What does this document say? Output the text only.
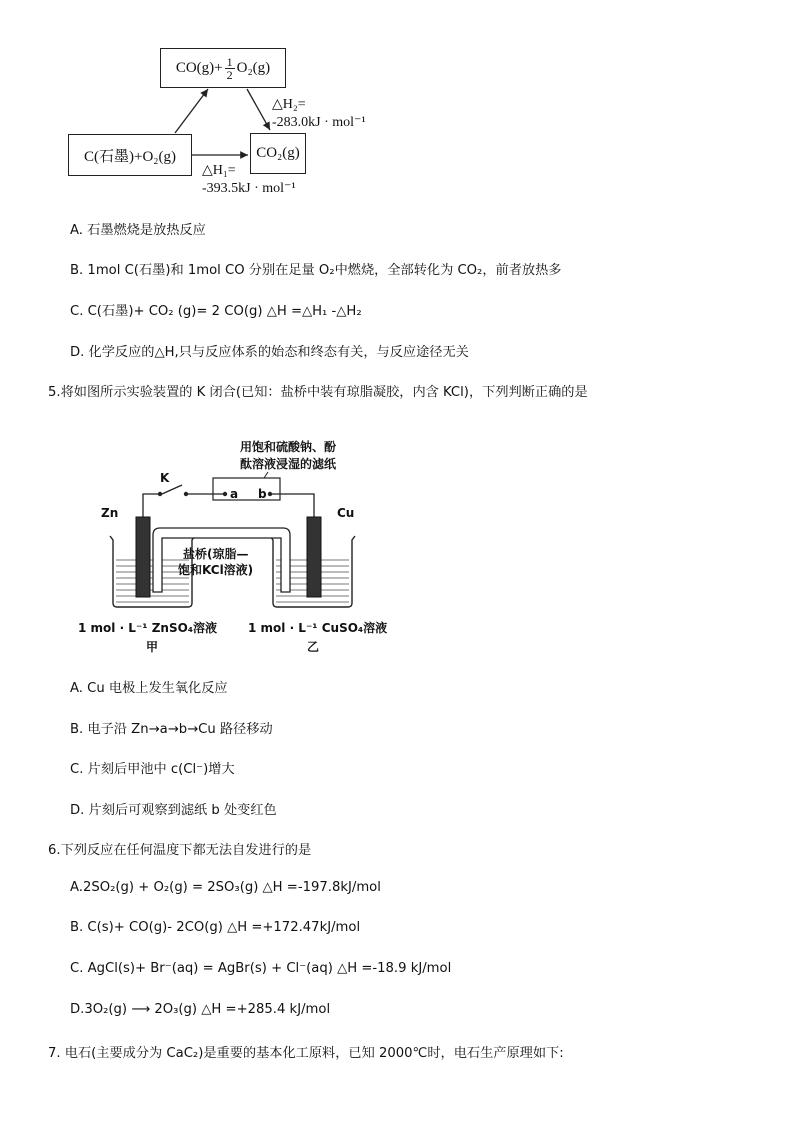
$CO(g)+ \frac{1}{2} O_2(g)$
C(石墨)+O₂(g)	CO₂(g)
△H₂=
-283.0kJ · mol⁻¹
△H₁=
-393.5kJ · mol⁻¹
A. 石墨燃烧是放热反应
B. 1mol C(石墨)和 1mol CO 分别在足量 O₂中燃烧，全部转化为 CO₂，前者放热多
C. C(石墨)+ CO₂ (g)= 2 CO(g) △H =△H₁ -△H₂
D. 化学反应的△H,只与反应体系的始态和终态有关，与反应途径无关
5.将如图所示实验装置的 K 闭合(已知：盐桥中装有琼脂凝胶，内含 KCl)，下列判断正确的是
用饱和硫酸钠、酚
酞溶液浸湿的滤纸
K
a b
Zn	Cu
盐桥(琼脂—
饱和KCl溶液)
1 mol · L⁻¹ ZnSO₄溶液	1 mol · L⁻¹ CuSO₄溶液
甲	乙
A. Cu 电极上发生氧化反应
B. 电子沿 Zn→a→b→Cu 路径移动
C. 片刻后甲池中 c(Cl⁻)增大
D. 片刻后可观察到滤纸 b 处变红色
6.下列反应在任何温度下都无法自发进行的是
A.2SO₂(g) + O₂(g) = 2SO₃(g) △H =-197.8kJ/mol
B. C(s)+ CO(g)- 2CO(g) △H =+172.47kJ/mol
C. AgCl(s)+ Br⁻(aq) = AgBr(s) + Cl⁻(aq) △H =-18.9 kJ/mol
D.3O₂(g) ⟶ 2O₃(g) △H =+285.4 kJ/mol
7. 电石(主要成分为 CaC₂)是重要的基本化工原料，已知 2000℃时，电石生产原理如下:
